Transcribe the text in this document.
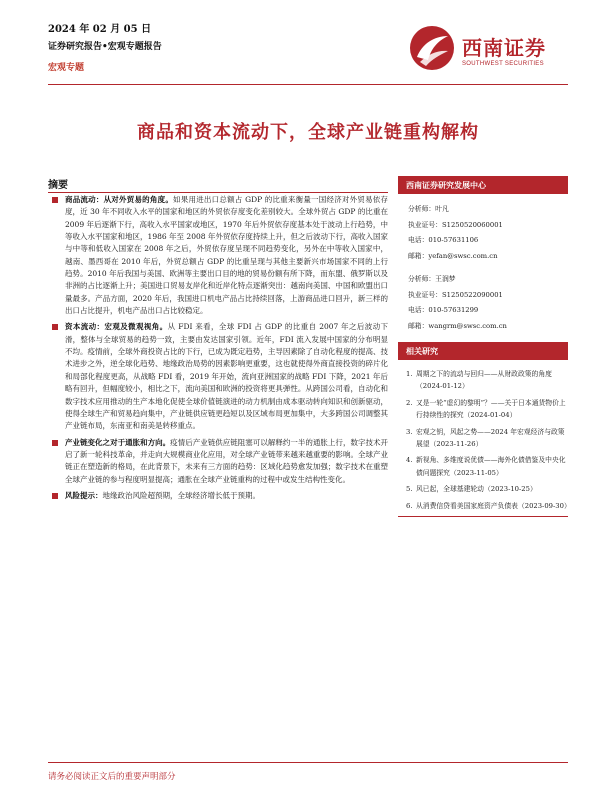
2024 年 02 月 05 日
证券研究报告•宏观专题报告
宏观专题
西南证券
SOUTHWEST SECURITIES
商品和资本流动下，全球产业链重构解构
摘要

商品流动：从对外贸易的角度。如果用进出口总额占 GDP 的比重来衡量一国经济对外贸易依存度，近 30 年不同收入水平的国家和地区的外贸依存度变化差别较大。全球外贸占 GDP 的比重在 2009 年后逐渐下行，高收入水平国家或地区，1970 年后外贸依存度基本处于波动上行趋势，中等收入水平国家和地区，1986 年至 2008 年外贸依存度持续上升，但之后波动下行，高收入国家与中等和低收入国家在 2008 年之后，外贸依存度呈现不同趋势变化，另外在中等收入国家中，越南、墨西哥在 2010 年后，外贸总额占 GDP 的比重呈现与其他主要新兴市场国家不同的上行趋势。2010 年后我国与美国、欧洲等主要出口目的地的贸易份额有所下降，而东盟、俄罗斯以及非洲的占比逐渐上升；美国进口贸易友岸化和近岸化特点逐渐突出：越南向美国、中国和欧盟出口量最多。产品方面，2020 年后，我国进口机电产品占比持续回落，上游商品进口回升，新三样的出口占比提升，机电产品出口占比较稳定。

资本流动：宏观及微观视角。从 FDI 来看，全球 FDI 占 GDP 的比重自 2007 年之后波动下滑，整体与全球贸易的趋势一致，主要由发达国家引领。近年，FDI 流入发展中国家的分布明显不均。疫情前，全球外商投资占比的下行，已成为既定趋势，主导因素除了自动化程度的提高、技术进步之外，逆全球化趋势、地缘政治局势的因素影响更重要，这也就使得外商直接投资的碎片化和局部化程度更高，从战略 FDI 看，2019 年开始，流向亚洲国家的战略 FDI 下降，2021 年后略有回升，但幅度较小，相比之下，流向美国和欧洲的投资将更具弹性。从跨国公司看，自动化和数字技术应用推动的生产本地化促使全球价值链演进的动力机制由成本驱动转向知识和创新驱动，使得全球生产和贸易趋向集中，产业链供应链更趋短以及区域布局更加集中，大多跨国公司调整其产业链布局，东南亚和南美是转移重点。

产业链变化之对于通胀和方向。疫情后产业链供应链阻塞可以解释约一半的通胀上行，数字技术开启了新一轮科技革命，并走向大规模商业化应用，对全球产业链带来越来越重要的影响。全球产业链正在塑造新的格局，在此背景下，未来有三方面的趋势：区域化趋势愈发加强；数字技术在重塑全球产业链的参与程度明显提高；通胀在全球产业链重构的过程中或发生结构性变化。

风险提示：地缘政治风险超预期，全球经济增长低于预期。

西南证券研究发展中心
分析师：叶凡
执业证号：S1250520060001
电话：010-57631106
邮箱：yefan@swsc.com.cn
分析师：王润梦
执业证号：S1250522090001
电话：010-57631299
邮箱：wangrm@swsc.com.cn
相关研究
1. 周期之下的流动与回归——从财政政策的角度（2024-01-12）
2. 又是一轮“虚幻的黎明”？——关于日本通货物价上行持续性的探究（2024-01-04）
3. 宏观之钥，风起之势——2024 年宏观经济与政策展望（2023-11-26）
4. 新视角、多维度说优债——海外化债借鉴及中央化债问题探究（2023-11-05）
5. 风已起，全球基建轮动（2023-10-25）
6. 从消费信贷看美国家庭资产负债表（2023-09-30）
请务必阅读正文后的重要声明部分
